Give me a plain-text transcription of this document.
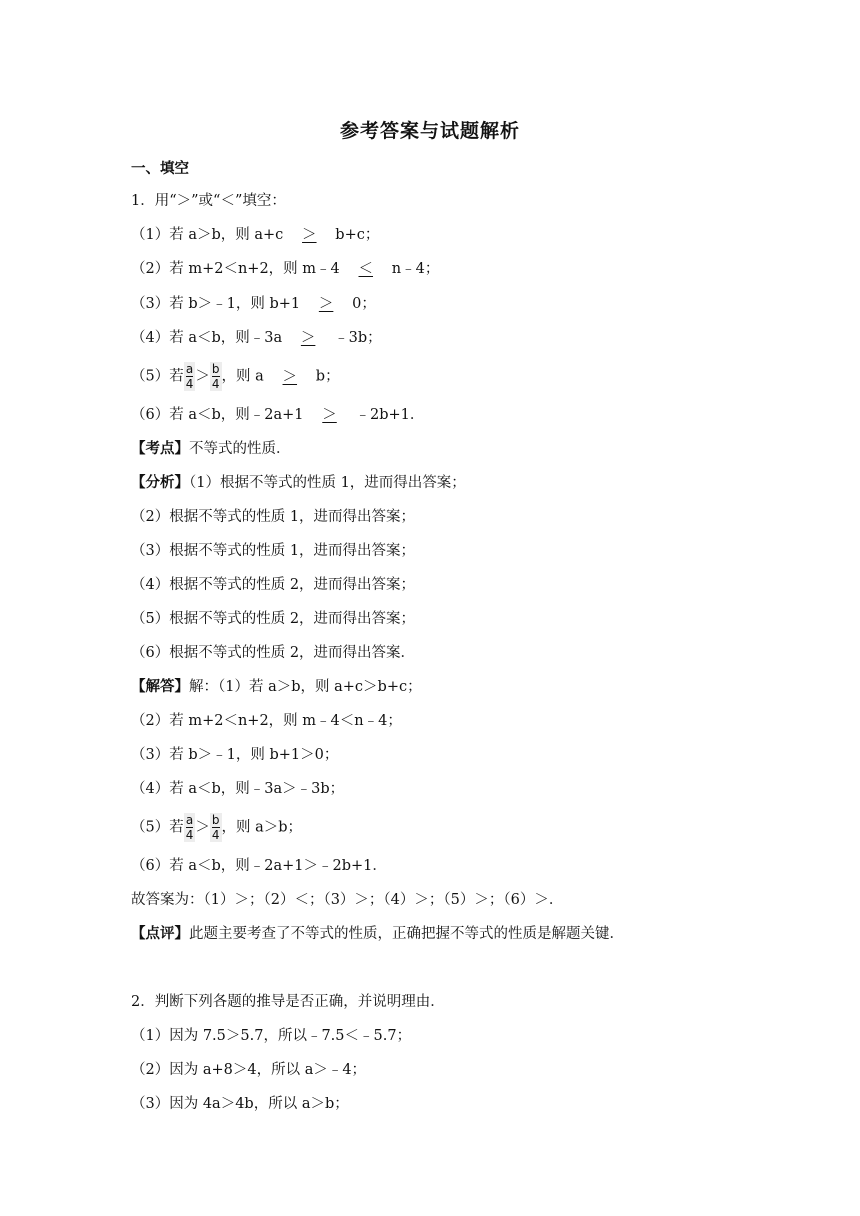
参考答案与试题解析
一、填空
1．用“＞”或“＜”填空：
（1）若 a＞b，则 a+c ＞ b+c；
（2）若 m+2＜n+2，则 m﹣4 ＜ n﹣4；
（3）若 b＞﹣1，则 b+1 ＞ 0；
（4）若 a＜b，则﹣3a ＞ ﹣3b；
（5）若 $\frac{a}{4} > \frac{b}{4}$ ，则 a ＞ b；
（6）若 a＜b，则﹣2a+1 ＞ ﹣2b+1．
【考点】不等式的性质．
【分析】（1）根据不等式的性质 1，进而得出答案；
（2）根据不等式的性质 1，进而得出答案；
（3）根据不等式的性质 1，进而得出答案；
（4）根据不等式的性质 2，进而得出答案；
（5）根据不等式的性质 2，进而得出答案；
（6）根据不等式的性质 2，进而得出答案．
【解答】解：（1）若 a＞b，则 a+c＞b+c；
（2）若 m+2＜n+2，则 m﹣4＜n﹣4；
（3）若 b＞﹣1，则 b+1＞0；
（4）若 a＜b，则﹣3a＞﹣3b；
（5）若 $\frac{a}{4} > \frac{b}{4}$ ，则 a＞b；
（6）若 a＜b，则﹣2a+1＞﹣2b+1．
故答案为：（1）＞；（2）＜；（3）＞；（4）＞；（5）＞；（6）＞．
【点评】此题主要考查了不等式的性质，正确把握不等式的性质是解题关键．
2．判断下列各题的推导是否正确，并说明理由．
（1）因为 7.5＞5.7，所以﹣7.5＜﹣5.7；
（2）因为 a+8＞4，所以 a＞﹣4；
（3）因为 4a＞4b，所以 a＞b；
